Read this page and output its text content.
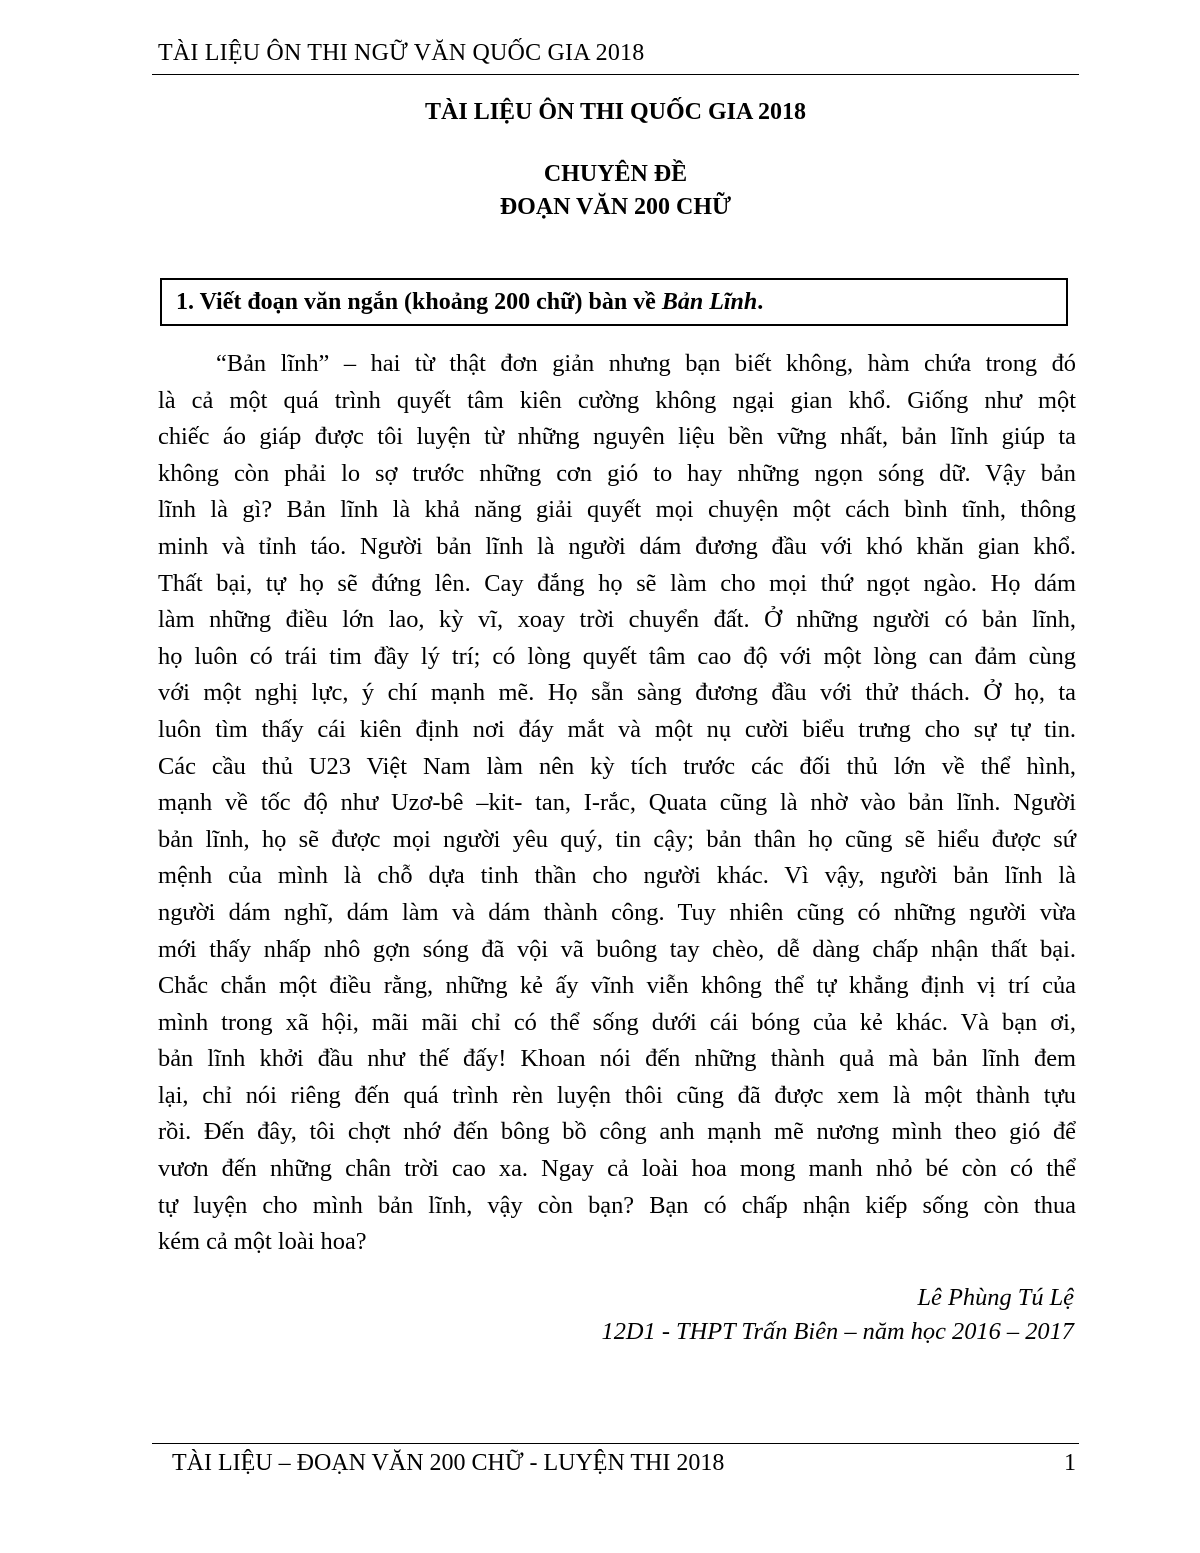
TÀI LIỆU ÔN THI NGỮ VĂN QUỐC GIA 2018
TÀI LIỆU ÔN THI QUỐC GIA 2018
CHUYÊN ĐỀ
ĐOẠN VĂN 200 CHỮ
1. Viết đoạn văn ngắn (khoảng 200 chữ) bàn về Bản Lĩnh.
“Bản lĩnh” – hai từ thật đơn giản nhưng bạn biết không, hàm chứa trong đó
là cả một quá trình quyết tâm kiên cường không ngại gian khổ. Giống như một
chiếc áo giáp được tôi luyện từ những nguyên liệu bền vững nhất, bản lĩnh giúp ta
không còn phải lo sợ trước những cơn gió to hay những ngọn sóng dữ. Vậy bản
lĩnh là gì? Bản lĩnh là khả năng giải quyết mọi chuyện một cách bình tĩnh, thông
minh và tỉnh táo. Người bản lĩnh là người dám đương đầu với khó khăn gian khổ.
Thất bại, tự họ sẽ đứng lên. Cay đắng họ sẽ làm cho mọi thứ ngọt ngào. Họ dám
làm những điều lớn lao, kỳ vĩ, xoay trời chuyển đất. Ở những người có bản lĩnh,
họ luôn có trái tim đầy lý trí; có lòng quyết tâm cao độ với một lòng can đảm cùng
với một nghị lực, ý chí mạnh mẽ. Họ sẵn sàng đương đầu với thử thách. Ở họ, ta
luôn tìm thấy cái kiên định nơi đáy mắt và một nụ cười biểu trưng cho sự tự tin.
Các cầu thủ U23 Việt Nam làm nên kỳ tích trước các đối thủ lớn về thể hình,
mạnh về tốc độ như Uzơ-bê –kit- tan, I-rắc, Quata cũng là nhờ vào bản lĩnh. Người
bản lĩnh, họ sẽ được mọi người yêu quý, tin cậy; bản thân họ cũng sẽ hiểu được sứ
mệnh của mình là chỗ dựa tinh thần cho người khác. Vì vậy, người bản lĩnh là
người dám nghĩ, dám làm và dám thành công. Tuy nhiên cũng có những người vừa
mới thấy nhấp nhô gợn sóng đã vội vã buông tay chèo, dễ dàng chấp nhận thất bại.
Chắc chắn một điều rằng, những kẻ ấy vĩnh viễn không thể tự khẳng định vị trí của
mình trong xã hội, mãi mãi chỉ có thể sống dưới cái bóng của kẻ khác. Và bạn ơi,
bản lĩnh khởi đầu như thế đấy! Khoan nói đến những thành quả mà bản lĩnh đem
lại, chỉ nói riêng đến quá trình rèn luyện thôi cũng đã được xem là một thành tựu
rồi. Đến đây, tôi chợt nhớ đến bông bồ công anh mạnh mẽ nương mình theo gió để
vươn đến những chân trời cao xa. Ngay cả loài hoa mong manh nhỏ bé còn có thể
tự luyện cho mình bản lĩnh, vậy còn bạn? Bạn có chấp nhận kiếp sống còn thua
kém cả một loài hoa?
Lê Phùng Tú Lệ
12D1 - THPT Trấn Biên – năm học 2016 – 2017
TÀI LIỆU – ĐOẠN VĂN 200 CHỮ - LUYỆN THI 2018	1
